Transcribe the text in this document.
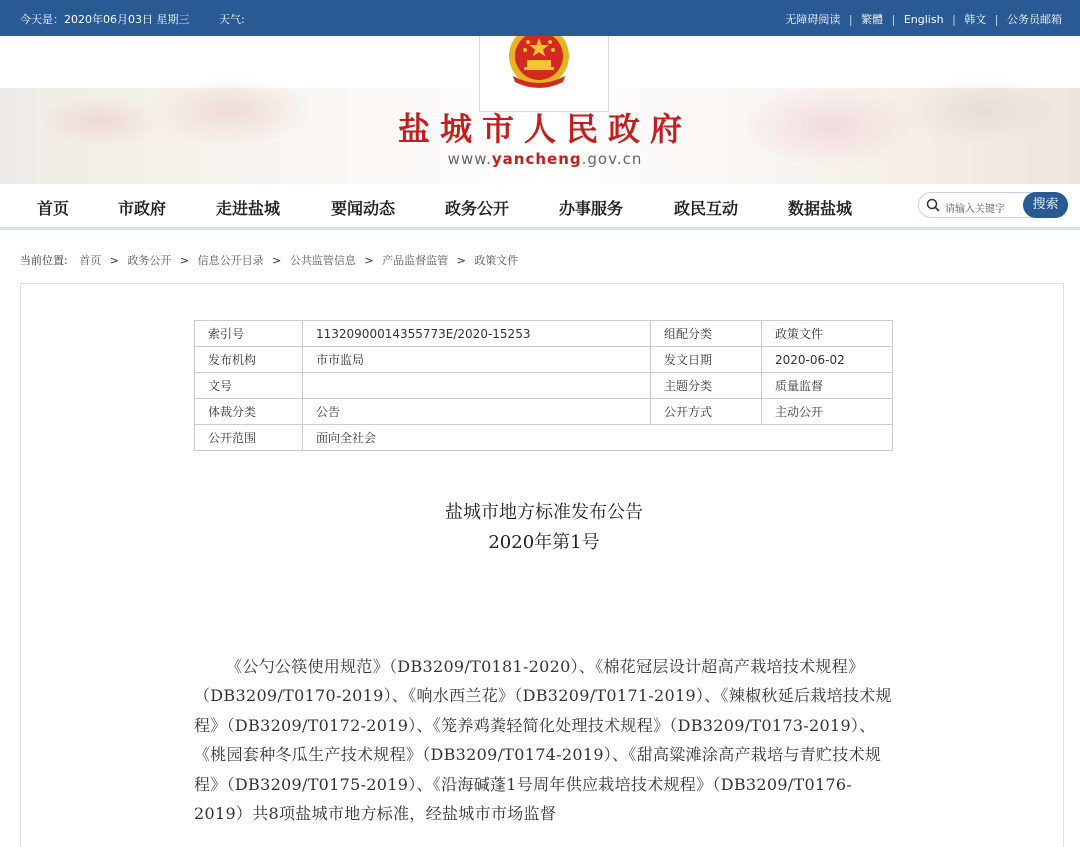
今天是：2020年06月03日 星期三	天气:	无障碍阅读 | 繁體 | English | 韩文 | 公务员邮箱
盐城市人民政府
www.yancheng.gov.cn
首页	市政府	走进盐城	要闻动态	政务公开	办事服务	政民互动	数据盐城	请输入关键字	搜索
当前位置: 首页 > 政务公开 > 信息公开目录 > 公共监管信息 > 产品监督监管 > 政策文件
索引号	11320900014355773E/2020-15253	组配分类	政策文件
发布机构	市市监局	发文日期	2020-06-02
文号		主题分类	质量监督
体裁分类	公告	公开方式	主动公开
公开范围	面向全社会		
盐城市地方标准发布公告
2020年第1号
《公勺公筷使用规范》（DB3209/T0181-2020）、《棉花冠层设计超高产栽培技术规程》（DB3209/T0170-2019）、《响水西兰花》（DB3209/T0171-2019）、《辣椒秋延后栽培技术规程》（DB3209/T0172-2019）、《笼养鸡粪轻简化处理技术规程》（DB3209/T0173-2019）、《桃园套种冬瓜生产技术规程》（DB3209/T0174-2019）、《甜高粱滩涂高产栽培与青贮技术规程》（DB3209/T0175-2019）、《沿海碱蓬1号周年供应栽培技术规程》（DB3209/T0176-2019）共8项盐城市地方标准，经盐城市市场监督
